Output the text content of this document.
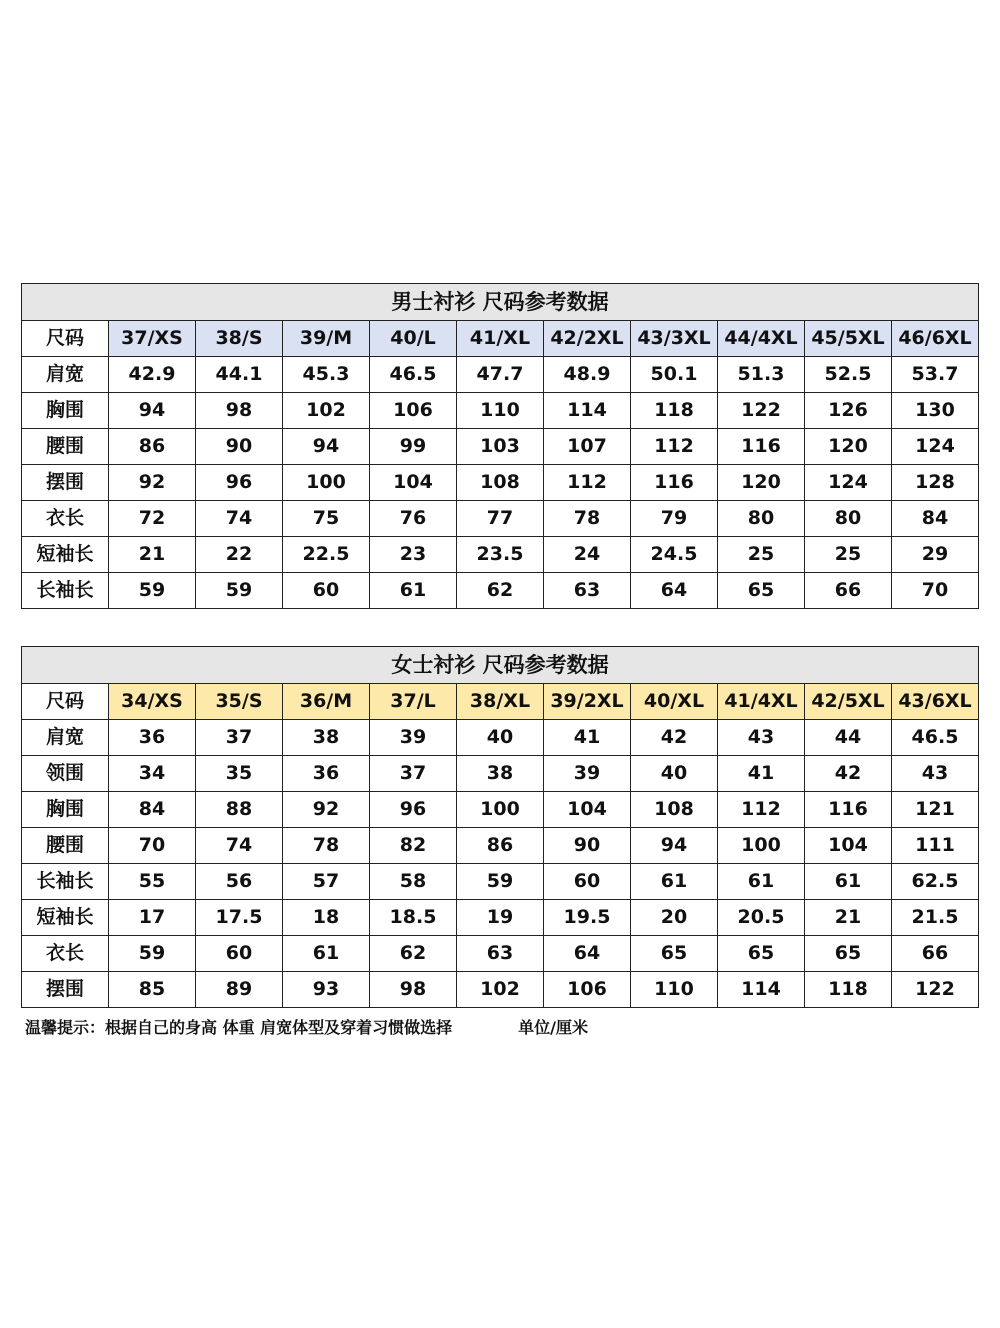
男士衬衫 尺码参考数据										
尺码	37/XS	38/S	39/M	40/L	41/XL	42/2XL	43/3XL	44/4XL	45/5XL	46/6XL
肩宽	42.9	44.1	45.3	46.5	47.7	48.9	50.1	51.3	52.5	53.7
胸围	94	98	102	106	110	114	118	122	126	130
腰围	86	90	94	99	103	107	112	116	120	124
摆围	92	96	100	104	108	112	116	120	124	128
衣长	72	74	75	76	77	78	79	80	80	84
短袖长	21	22	22.5	23	23.5	24	24.5	25	25	29
长袖长	59	59	60	61	62	63	64	65	66	70
女士衬衫 尺码参考数据										
尺码	34/XS	35/S	36/M	37/L	38/XL	39/2XL	40/XL	41/4XL	42/5XL	43/6XL
肩宽	36	37	38	39	40	41	42	43	44	46.5
领围	34	35	36	37	38	39	40	41	42	43
胸围	84	88	92	96	100	104	108	112	116	121
腰围	70	74	78	82	86	90	94	100	104	111
长袖长	55	56	57	58	59	60	61	61	61	62.5
短袖长	17	17.5	18	18.5	19	19.5	20	20.5	21	21.5
衣长	59	60	61	62	63	64	65	65	65	66
摆围	85	89	93	98	102	106	110	114	118	122
温馨提示：根据自己的身高 体重 肩宽体型及穿着习惯做选择	单位/厘米
